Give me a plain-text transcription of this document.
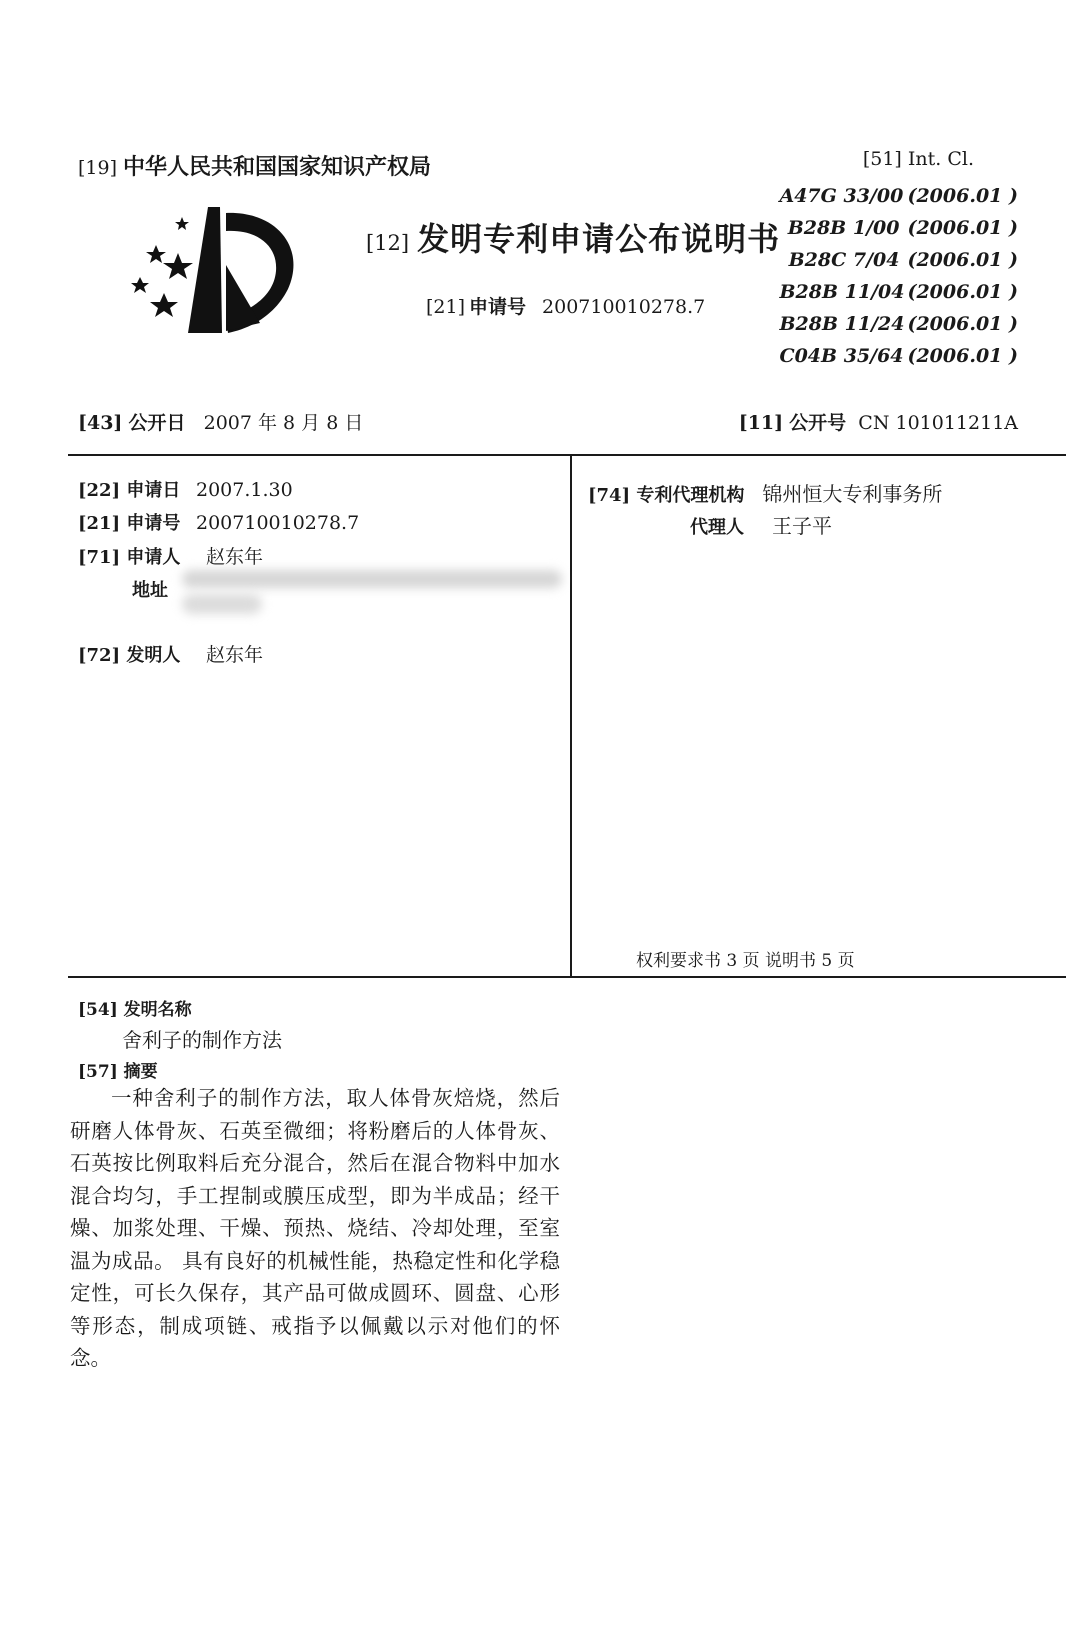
[19] 中华人民共和国国家知识产权局
[12] 发明专利申请公布说明书
[21] 申请号 200710010278.7
[51] Int. Cl.
A47G 33/00 (2006.01 )
B28B 1/00 (2006.01 )
B28C 7/04 (2006.01 )
B28B 11/04 (2006.01 )
B28B 11/24 (2006.01 )
C04B 35/64 (2006.01 )
[43] 公开日 2007 年 8 月 8 日	[11] 公开号 CN 101011211A
[22] 申请日 2007.1.30
[21] 申请号 200710010278.7
[71] 申请人 赵东年
地址
[72] 发明人 赵东年
[74] 专利代理机构 锦州恒大专利事务所
代理人 王子平
权利要求书 3 页 说明书 5 页
[54] 发明名称
舍利子的制作方法
[57] 摘要

一种舍利子的制作方法，取人体骨灰焙烧，然后研磨人体骨灰、石英至微细；将粉磨后的人体骨灰、石英按比例取料后充分混合，然后在混合物料中加水混合均匀，手工捏制或膜压成型，即为半成品；经干燥、加浆处理、干燥、预热、烧结、冷却处理，至室温为成品。 具有良好的机械性能，热稳定性和化学稳定性，可长久保存，其产品可做成圆环、圆盘、心形等形态，制成项链、戒指予以佩戴以示对他们的怀念。
